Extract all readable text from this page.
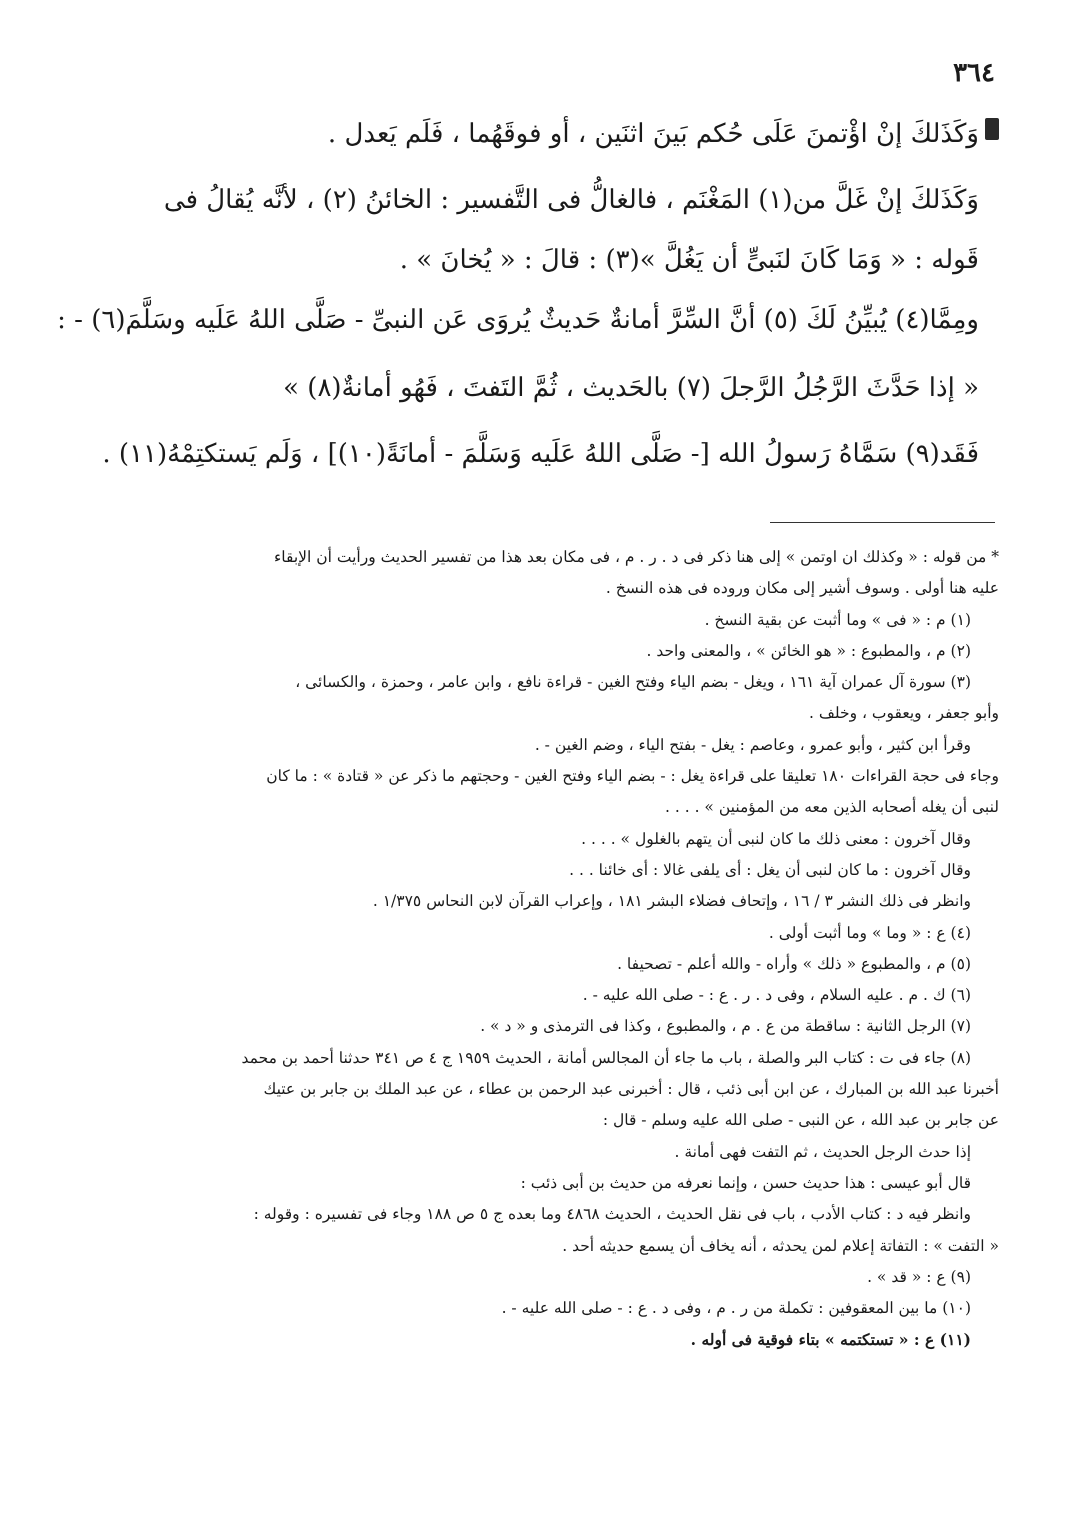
٣٦٤
وَكَذَلكَ إنْ اؤْتمنَ عَلَى حُكم بَينَ اثنَين ، أو فوقَهُما ، فَلَم يَعدل .
وَكَذَلكَ إنْ غَلَّ من(١) المَغْنَم ، فالغالُّ فى التَّفسير : الخائنُ (٢) ، لأنَّه يُقالُ فى
قَوله : « وَمَا كَانَ لنَبىٍّ أن يَغُلَّ »(٣) : قالَ : « يُخانَ » .
ومِمَّا(٤) يُبيِّنُ لَكَ (٥) أنَّ السِّرَّ أمانةٌ حَديثٌ يُروَى عَن النبىِّ - صَلَّى اللهُ عَلَيه وسَلَّمَ(٦) - :
« إذا حَدَّثَ الرَّجُلُ الرَّجلَ (٧) بالحَديث ، ثُمَّ التَفتَ ، فَهُو أمانةٌ(٨) »
فَقَد(٩) سَمَّاهُ رَسولُ الله [- صَلَّى اللهُ عَلَيه وَسَلَّمَ - أمانَةً(١٠)] ، وَلَم يَستكتِمْهُ(١١) .
* من قوله : « وكذلك ان اوتمن » إلى هنا ذكر فى د . ر . م ، فى مكان بعد هذا من تفسير الحديث ورأيت أن الإبقاء
عليه هنا أولى . وسوف أشير إلى مكان وروده فى هذه النسخ .
(١) م : « فى » وما أثبت عن بقية النسخ .
(٢) م ، والمطبوع : « هو الخائن » ، والمعنى واحد .
(٣) سورة آل عمران آية ١٦١ ، ويغل - بضم الياء وفتح الغين - قراءة نافع ، وابن عامر ، وحمزة ، والكسائى ،
وأبو جعفر ، ويعقوب ، وخلف .
وقرأ ابن كثير ، وأبو عمرو ، وعاصم : يغل - بفتح الياء ، وضم الغين - .
وجاء فى حجة القراءات ١٨٠ تعليقا على قراءة يغل : - بضم الياء وفتح الغين - وحجتهم ما ذكر عن « قتادة » : ما كان
لنبى أن يغله أصحابه الذين معه من المؤمنين » . . . .
وقال آخرون : معنى ذلك ما كان لنبى أن يتهم بالغلول » . . . .
وقال آخرون : ما كان لنبى أن يغل : أى يلفى غالا : أى خائنا . . .
وانظر فى ذلك النشر ٣ / ١٦ ، وإتحاف فضلاء البشر ١٨١ ، وإعراب القرآن لابن النحاس ١/٣٧٥ .
(٤) ع : « وما » وما أثبت أولى .
(٥) م ، والمطبوع « ذلك » وأراه - والله أعلم - تصحيفا .
(٦) ك . م . عليه السلام ، وفى د . ر . ع : - صلى الله عليه - .
(٧) الرجل الثانية : ساقطة من ع . م ، والمطبوع ، وكذا فى الترمذى و « د » .
(٨) جاء فى ت : كتاب البر والصلة ، باب ما جاء أن المجالس أمانة ، الحديث ١٩٥٩ ج ٤ ص ٣٤١ حدثنا أحمد بن محمد
أخبرنا عبد الله بن المبارك ، عن ابن أبى ذئب ، قال : أخبرنى عبد الرحمن بن عطاء ، عن عبد الملك بن جابر بن عتيك
عن جابر بن عبد الله ، عن النبى - صلى الله عليه وسلم - قال :
إذا حدث الرجل الحديث ، ثم التفت فهى أمانة .
قال أبو عيسى : هذا حديث حسن ، وإنما نعرفه من حديث بن أبى ذئب :
وانظر فيه د : كتاب الأدب ، باب فى نقل الحديث ، الحديث ٤٨٦٨ وما بعده ج ٥ ص ١٨٨ وجاء فى تفسيره : وقوله :
« التفت » : التفاتة إعلام لمن يحدثه ، أنه يخاف أن يسمع حديثه أحد .
(٩) ع : « قد » .
(١٠) ما بين المعقوفين : تكملة من ر . م ، وفى د . ع : - صلى الله عليه - .
(١١) ع : « تستكتمه » بتاء فوقية فى أوله .
